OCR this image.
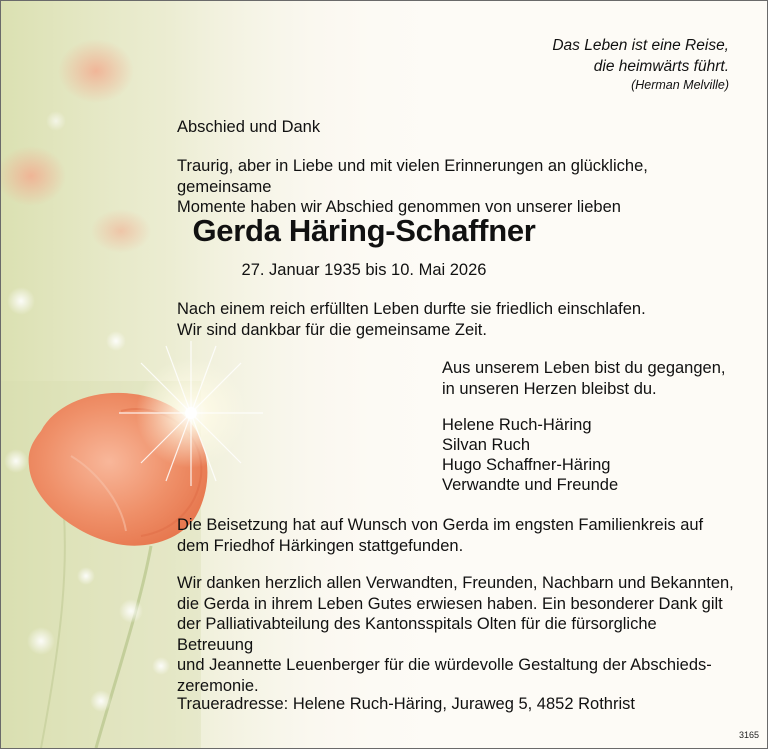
Das Leben ist eine Reise,
die heimwärts führt.

(Herman Melville)

Abschied und Dank

Traurig, aber in Liebe und mit vielen Erinnerungen an glückliche, gemeinsame
Momente haben wir Abschied genommen von unserer lieben

Gerda Häring-Schaffner

27. Januar 1935 bis 10. Mai 2026

Nach einem reich erfüllten Leben durfte sie friedlich einschlafen.
Wir sind dankbar für die gemeinsame Zeit.

Aus unserem Leben bist du gegangen,
in unseren Herzen bleibst du.

Helene Ruch-Häring
Silvan Ruch
Hugo Schaffner-Häring
Verwandte und Freunde

Die Beisetzung hat auf Wunsch von Gerda im engsten Familienkreis auf
dem Friedhof Härkingen stattgefunden.

Wir danken herzlich allen Verwandten, Freunden, Nachbarn und Bekannten,
die Gerda in ihrem Leben Gutes erwiesen haben. Ein besonderer Dank gilt
der Palliativabteilung des Kantonsspitals Olten für die fürsorgliche Betreuung
und Jeannette Leuenberger für die würdevolle Gestaltung der Abschieds-
zeremonie.

Traueradresse: Helene Ruch-Häring, Juraweg 5, 4852 Rothrist

3165
